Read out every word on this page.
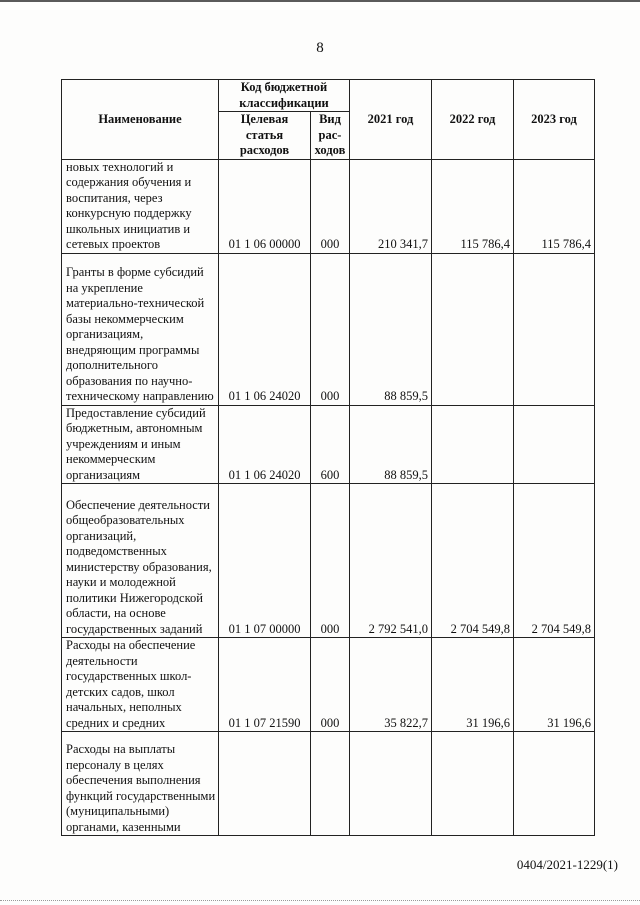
8
Наименование	Код бюджетной классификации		2021 год	2022 год	2023 год
	Целевая статья расходов	Вид рас-ходов			
новых технологий и содержания обучения и воспитания, через конкурсную поддержку школьных инициатив и сетевых проектов	01 1 06 00000	000	210 341,7	115 786,4	115 786,4
Гранты в форме субсидий на укрепление материально-технической базы некоммерческим организациям, внедряющим программы дополнительного образования по научно-техническому направлению	01 1 06 24020	000	88 859,5		
Предоставление субсидий бюджетным, автономным учреждениям и иным некоммерческим организациям	01 1 06 24020	600	88 859,5		
Обеспечение деятельности общеобразовательных организаций, подведомственных министерству образования, науки и молодежной политики Нижегородской области, на основе государственных заданий	01 1 07 00000	000	2 792 541,0	2 704 549,8	2 704 549,8
Расходы на обеспечение деятельности государственных школ-детских садов, школ начальных, неполных средних и средних	01 1 07 21590	000	35 822,7	31 196,6	31 196,6
Расходы на выплаты персоналу в целях обеспечения выполнения функций государственными (муниципальными) органами, казенными					
0404/2021-1229(1)
